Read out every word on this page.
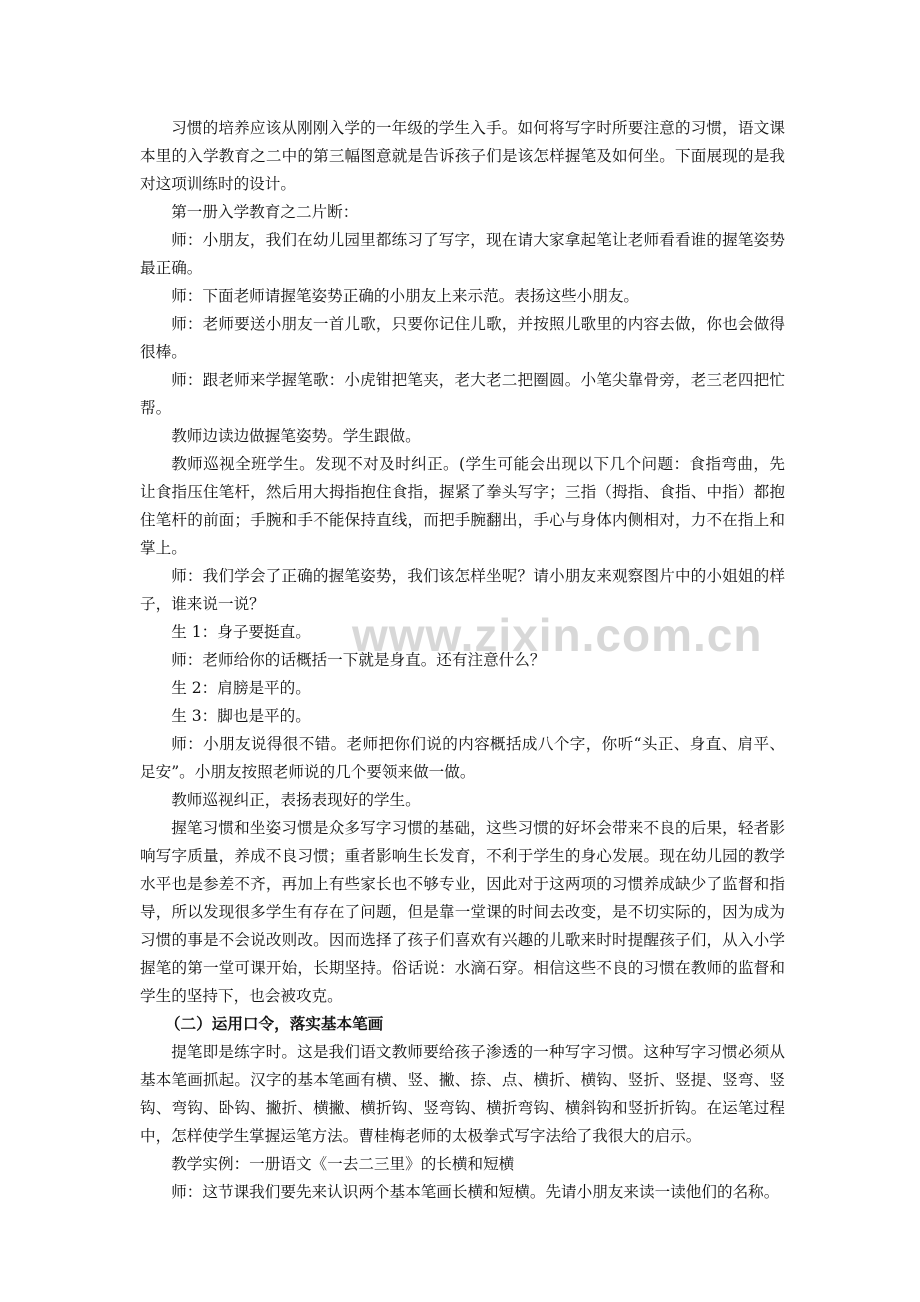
习惯的培养应该从刚刚入学的一年级的学生入手。如何将写字时所要注意的习惯，语文课本里的入学教育之二中的第三幅图意就是告诉孩子们是该怎样握笔及如何坐。下面展现的是我对这项训练时的设计。

第一册入学教育之二片断：

师：小朋友，我们在幼儿园里都练习了写字，现在请大家拿起笔让老师看看谁的握笔姿势最正确。

师：下面老师请握笔姿势正确的小朋友上来示范。表扬这些小朋友。

师：老师要送小朋友一首儿歌，只要你记住儿歌，并按照儿歌里的内容去做，你也会做得很棒。

师：跟老师来学握笔歌：小虎钳把笔夹，老大老二把圈圆。小笔尖靠骨旁，老三老四把忙帮。

教师边读边做握笔姿势。学生跟做。

教师巡视全班学生。发现不对及时纠正。(学生可能会出现以下几个问题：食指弯曲，先让食指压住笔杆，然后用大拇指抱住食指，握紧了拳头写字；三指（拇指、食指、中指）都抱住笔杆的前面；手腕和手不能保持直线，而把手腕翻出，手心与身体内侧相对，力不在指上和掌上。

师：我们学会了正确的握笔姿势，我们该怎样坐呢？请小朋友来观察图片中的小姐姐的样子，谁来说一说？

生 1：身子要挺直。

师：老师给你的话概括一下就是身直。还有注意什么？

生 2：肩膀是平的。

生 3：脚也是平的。

师：小朋友说得很不错。老师把你们说的内容概括成八个字，你听“头正、身直、肩平、足安”。小朋友按照老师说的几个要领来做一做。

教师巡视纠正，表扬表现好的学生。

握笔习惯和坐姿习惯是众多写字习惯的基础，这些习惯的好坏会带来不良的后果，轻者影响写字质量，养成不良习惯；重者影响生长发育，不利于学生的身心发展。现在幼儿园的教学水平也是参差不齐，再加上有些家长也不够专业，因此对于这两项的习惯养成缺少了监督和指导，所以发现很多学生有存在了问题，但是靠一堂课的时间去改变，是不切实际的，因为成为习惯的事是不会说改则改。因而选择了孩子们喜欢有兴趣的儿歌来时时提醒孩子们，从入小学握笔的第一堂可课开始，长期坚持。俗话说：水滴石穿。相信这些不良的习惯在教师的监督和学生的坚持下，也会被攻克。

（二）运用口令，落实基本笔画

提笔即是练字时。这是我们语文教师要给孩子渗透的一种写字习惯。这种写字习惯必须从基本笔画抓起。汉字的基本笔画有横、竖、撇、捺、点、横折、横钩、竖折、竖提、竖弯、竖钩、弯钩、卧钩、撇折、横撇、横折钩、竖弯钩、横折弯钩、横斜钩和竖折折钩。在运笔过程中，怎样使学生掌握运笔方法。曹桂梅老师的太极拳式写字法给了我很大的启示。

教学实例：一册语文《一去二三里》的长横和短横

师：这节课我们要先来认识两个基本笔画长横和短横。先请小朋友来读一读他们的名称。

www.zixin.com.cn
